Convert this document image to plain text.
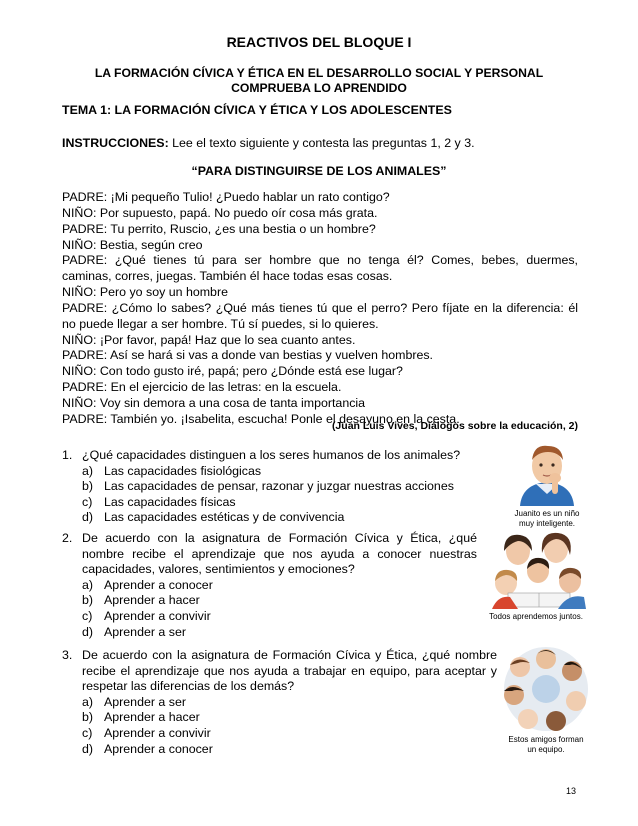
REACTIVOS DEL BLOQUE I
LA FORMACIÓN CÍVICA Y ÉTICA EN EL DESARROLLO SOCIAL Y PERSONAL
COMPRUEBA LO APRENDIDO
TEMA 1: LA FORMACIÓN CÍVICA Y ÉTICA Y LOS ADOLESCENTES
INSTRUCCIONES: Lee el texto siguiente y contesta las preguntas 1, 2 y 3.
“PARA DISTINGUIRSE DE LOS ANIMALES”
PADRE: ¡Mi pequeño Tulio! ¿Puedo hablar un rato contigo?
NIÑO: Por supuesto, papá. No puedo oír cosa más grata.
PADRE: Tu perrito, Ruscio, ¿es una bestia o un hombre?
NIÑO: Bestia, según creo
PADRE: ¿Qué tienes tú para ser hombre que no tenga él? Comes, bebes, duermes,
caminas, corres, juegas. También él hace todas esas cosas.
NIÑO: Pero yo soy un hombre
PADRE: ¿Cómo lo sabes? ¿Qué más tienes tú que el perro? Pero fíjate en la diferencia: él
no puede llegar a ser hombre. Tú sí puedes, si lo quieres.
NIÑO: ¡Por favor, papá! Haz que lo sea cuanto antes.
PADRE: Así se hará si vas a donde van bestias y vuelven hombres.
NIÑO: Con todo gusto iré, papá; pero ¿Dónde está ese lugar?
PADRE: En el ejercicio de las letras: en la escuela.
NIÑO: Voy sin demora a una cosa de tanta importancia
PADRE: También yo. ¡Isabelita, escucha! Ponle el desayuno en la cesta.
(Juan Luis Vives, Diálogos sobre la educación, 2)
1. ¿Qué capacidades distinguen a los seres humanos de los animales?
a) Las capacidades fisiológicas
b) Las capacidades de pensar, razonar y juzgar nuestras acciones
c) Las capacidades físicas
d) Las capacidades estéticas y de convivencia
2. De acuerdo con la asignatura de Formación Cívica y Ética, ¿qué
nombre recibe el aprendizaje que nos ayuda a conocer nuestras
capacidades, valores, sentimientos y emociones?
a) Aprender a conocer
b) Aprender a hacer
c) Aprender a convivir
d) Aprender a ser
3. De acuerdo con la asignatura de Formación Cívica y Ética, ¿qué nombre
recibe el aprendizaje que nos ayuda a trabajar en equipo, para aceptar y
respetar las diferencias de los demás?
a) Aprender a ser
b) Aprender a hacer
c) Aprender a convivir
d) Aprender a conocer
Juanito es un niño
muy inteligente.
Todos aprendemos juntos.
Estos amigos forman
un equipo.
13
